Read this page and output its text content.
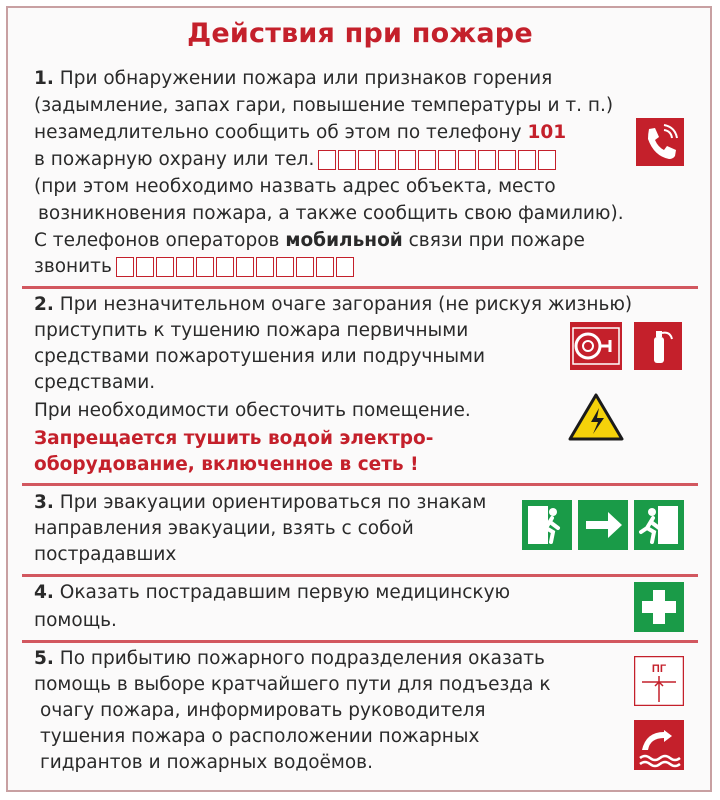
Действия при пожаре
1. При обнаружении пожара или признаков горения
(задымление, запах гари, повышение температуры и т. п.)
незамедлительно сообщить об этом по телефону 101
в пожарную охрану или тел.
(при этом необходимо назвать адрес объекта, место
возникновения пожара, а также сообщить свою фамилию).
С телефонов операторов мобильной связи при пожаре
звонить
2. При незначительном очаге загорания (не рискуя жизнью)
приступить к тушению пожара первичными
средствами пожаротушения или подручными
средствами.
При необходимости обесточить помещение.
Запрещается тушить водой электро-
оборудование, включенное в сеть !
3. При эвакуации ориентироваться по знакам
направления эвакуации, взять с собой
пострадавших
4. Оказать пострадавшим первую медицинскую
помощь.
5. По прибытию пожарного подразделения оказать
помощь в выборе кратчайшего пути для подъезда к
очагу пожара, информировать руководителя
тушения пожара о расположении пожарных
гидрантов и пожарных водоёмов.
ПГ
